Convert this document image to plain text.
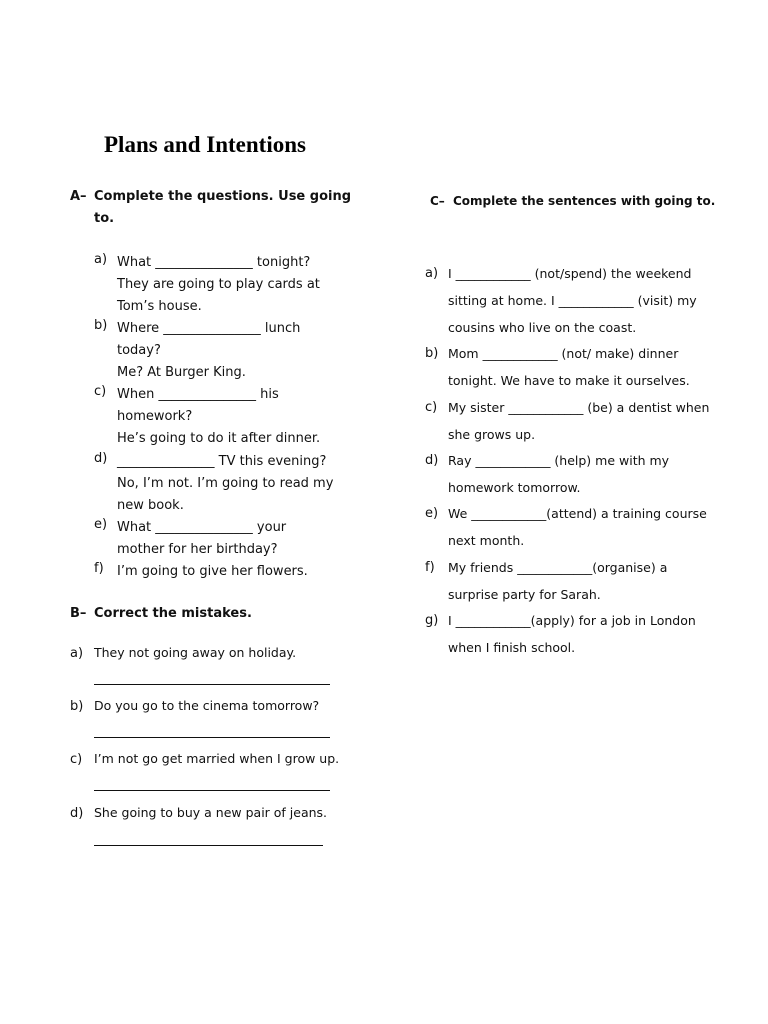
Plans and Intentions
A– Complete the questions. Use going
to.
a) What _______________ tonight?
They are going to play cards at
Tom’s house.
b) Where _______________ lunch
today?
Me? At Burger King.
c) When _______________ his
homework?
He’s going to do it after dinner.
d) _______________ TV this evening?
No, I’m not. I’m going to read my
new book.
e) What _______________ your
mother for her birthday?
f) I’m going to give her flowers.
B– Correct the mistakes.
a) They not going away on holiday.
b) Do you go to the cinema tomorrow?
c) I’m not go get married when I grow up.
d) She going to buy a new pair of jeans.
C– Complete the sentences with going to.
a) I ____________ (not/spend) the weekend
sitting at home. I ____________ (visit) my
cousins who live on the coast.
b) Mom ____________ (not/ make) dinner
tonight. We have to make it ourselves.
c) My sister ____________ (be) a dentist when
she grows up.
d) Ray ____________ (help) me with my
homework tomorrow.
e) We ____________(attend) a training course
next month.
f) My friends ____________(organise) a
surprise party for Sarah.
g) I ____________(apply) for a job in London
when I finish school.
